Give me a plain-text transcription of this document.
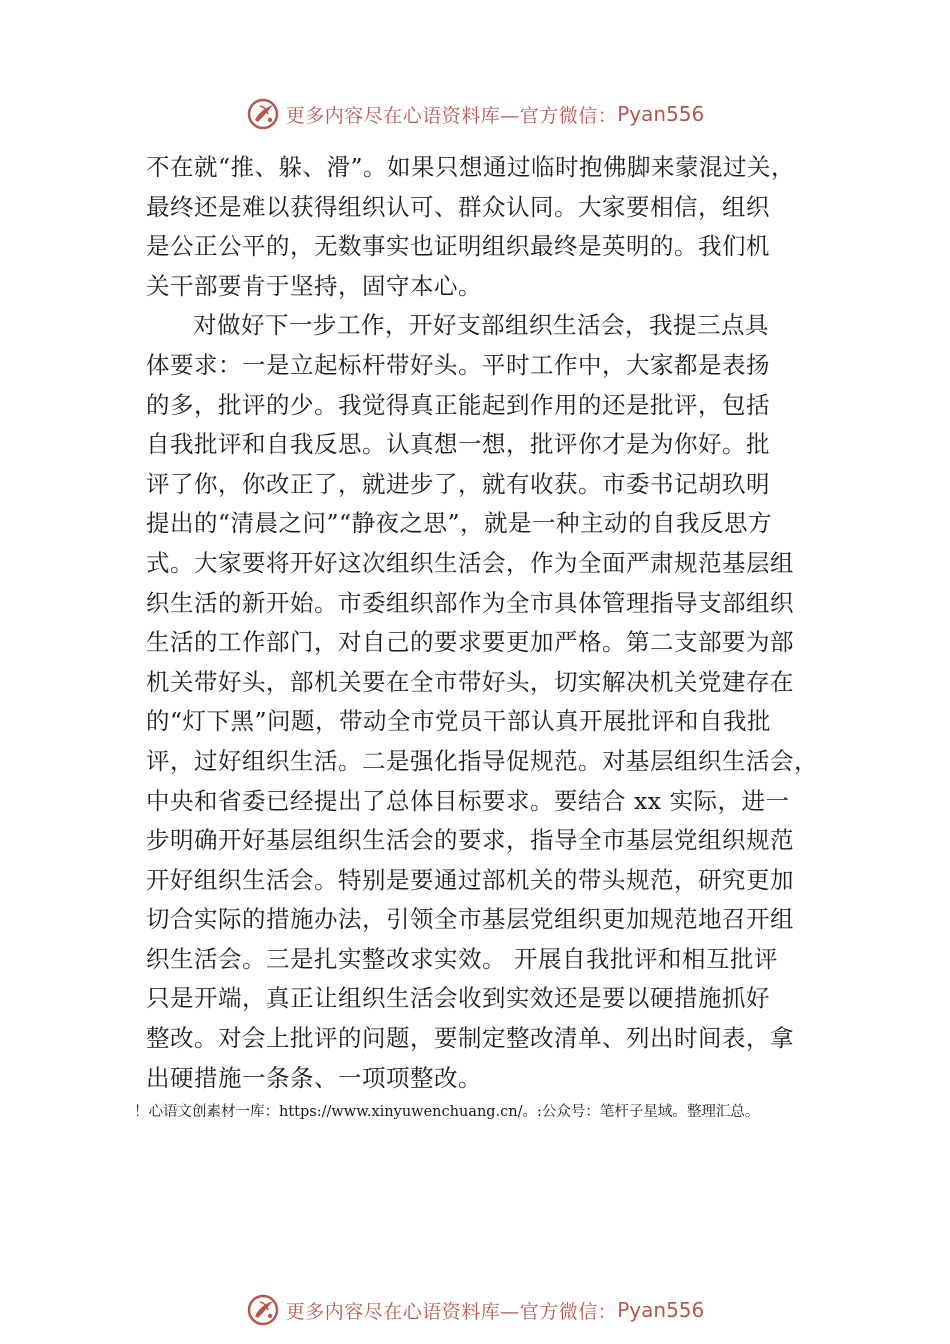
更多内容尽在心语资料库—官方微信： Pyan556
不在就“推、躲、滑”。如果只想通过临时抱佛脚来蒙混过关，
最终还是难以获得组织认可、群众认同。大家要相信，组织
是公正公平的，无数事实也证明组织最终是英明的。我们机
关干部要肯于坚持，固守本心。
对做好下一步工作，开好支部组织生活会，我提三点具
体要求：一是立起标杆带好头。平时工作中，大家都是表扬
的多，批评的少。我觉得真正能起到作用的还是批评，包括
自我批评和自我反思。认真想一想，批评你才是为你好。批
评了你，你改正了，就进步了，就有收获。市委书记胡玖明
提出的“清晨之问”“静夜之思”，就是一种主动的自我反思方
式。大家要将开好这次组织生活会，作为全面严肃规范基层组
织生活的新开始。市委组织部作为全市具体管理指导支部组织
生活的工作部门，对自己的要求要更加严格。第二支部要为部
机关带好头，部机关要在全市带好头，切实解决机关党建存在
的“灯下黑”问题，带动全市党员干部认真开展批评和自我批
评，过好组织生活。二是强化指导促规范。对基层组织生活会，
中央和省委已经提出了总体目标要求。要结合 xx 实际，进一
步明确开好基层组织生活会的要求，指导全市基层党组织规范
开好组织生活会。特别是要通过部机关的带头规范，研究更加
切合实际的措施办法，引领全市基层党组织更加规范地召开组
织生活会。三是扎实整改求实效。 开展自我批评和相互批评
只是开端，真正让组织生活会收到实效还是要以硬措施抓好
整改。对会上批评的问题，要制定整改清单、列出时间表，拿
出硬措施一条条、一项项整改。
！心语文创素材一库：https://www.xinyuwenchuang.cn/。:公众号：笔杆子星域。整理汇总。
更多内容尽在心语资料库—官方微信： Pyan556
